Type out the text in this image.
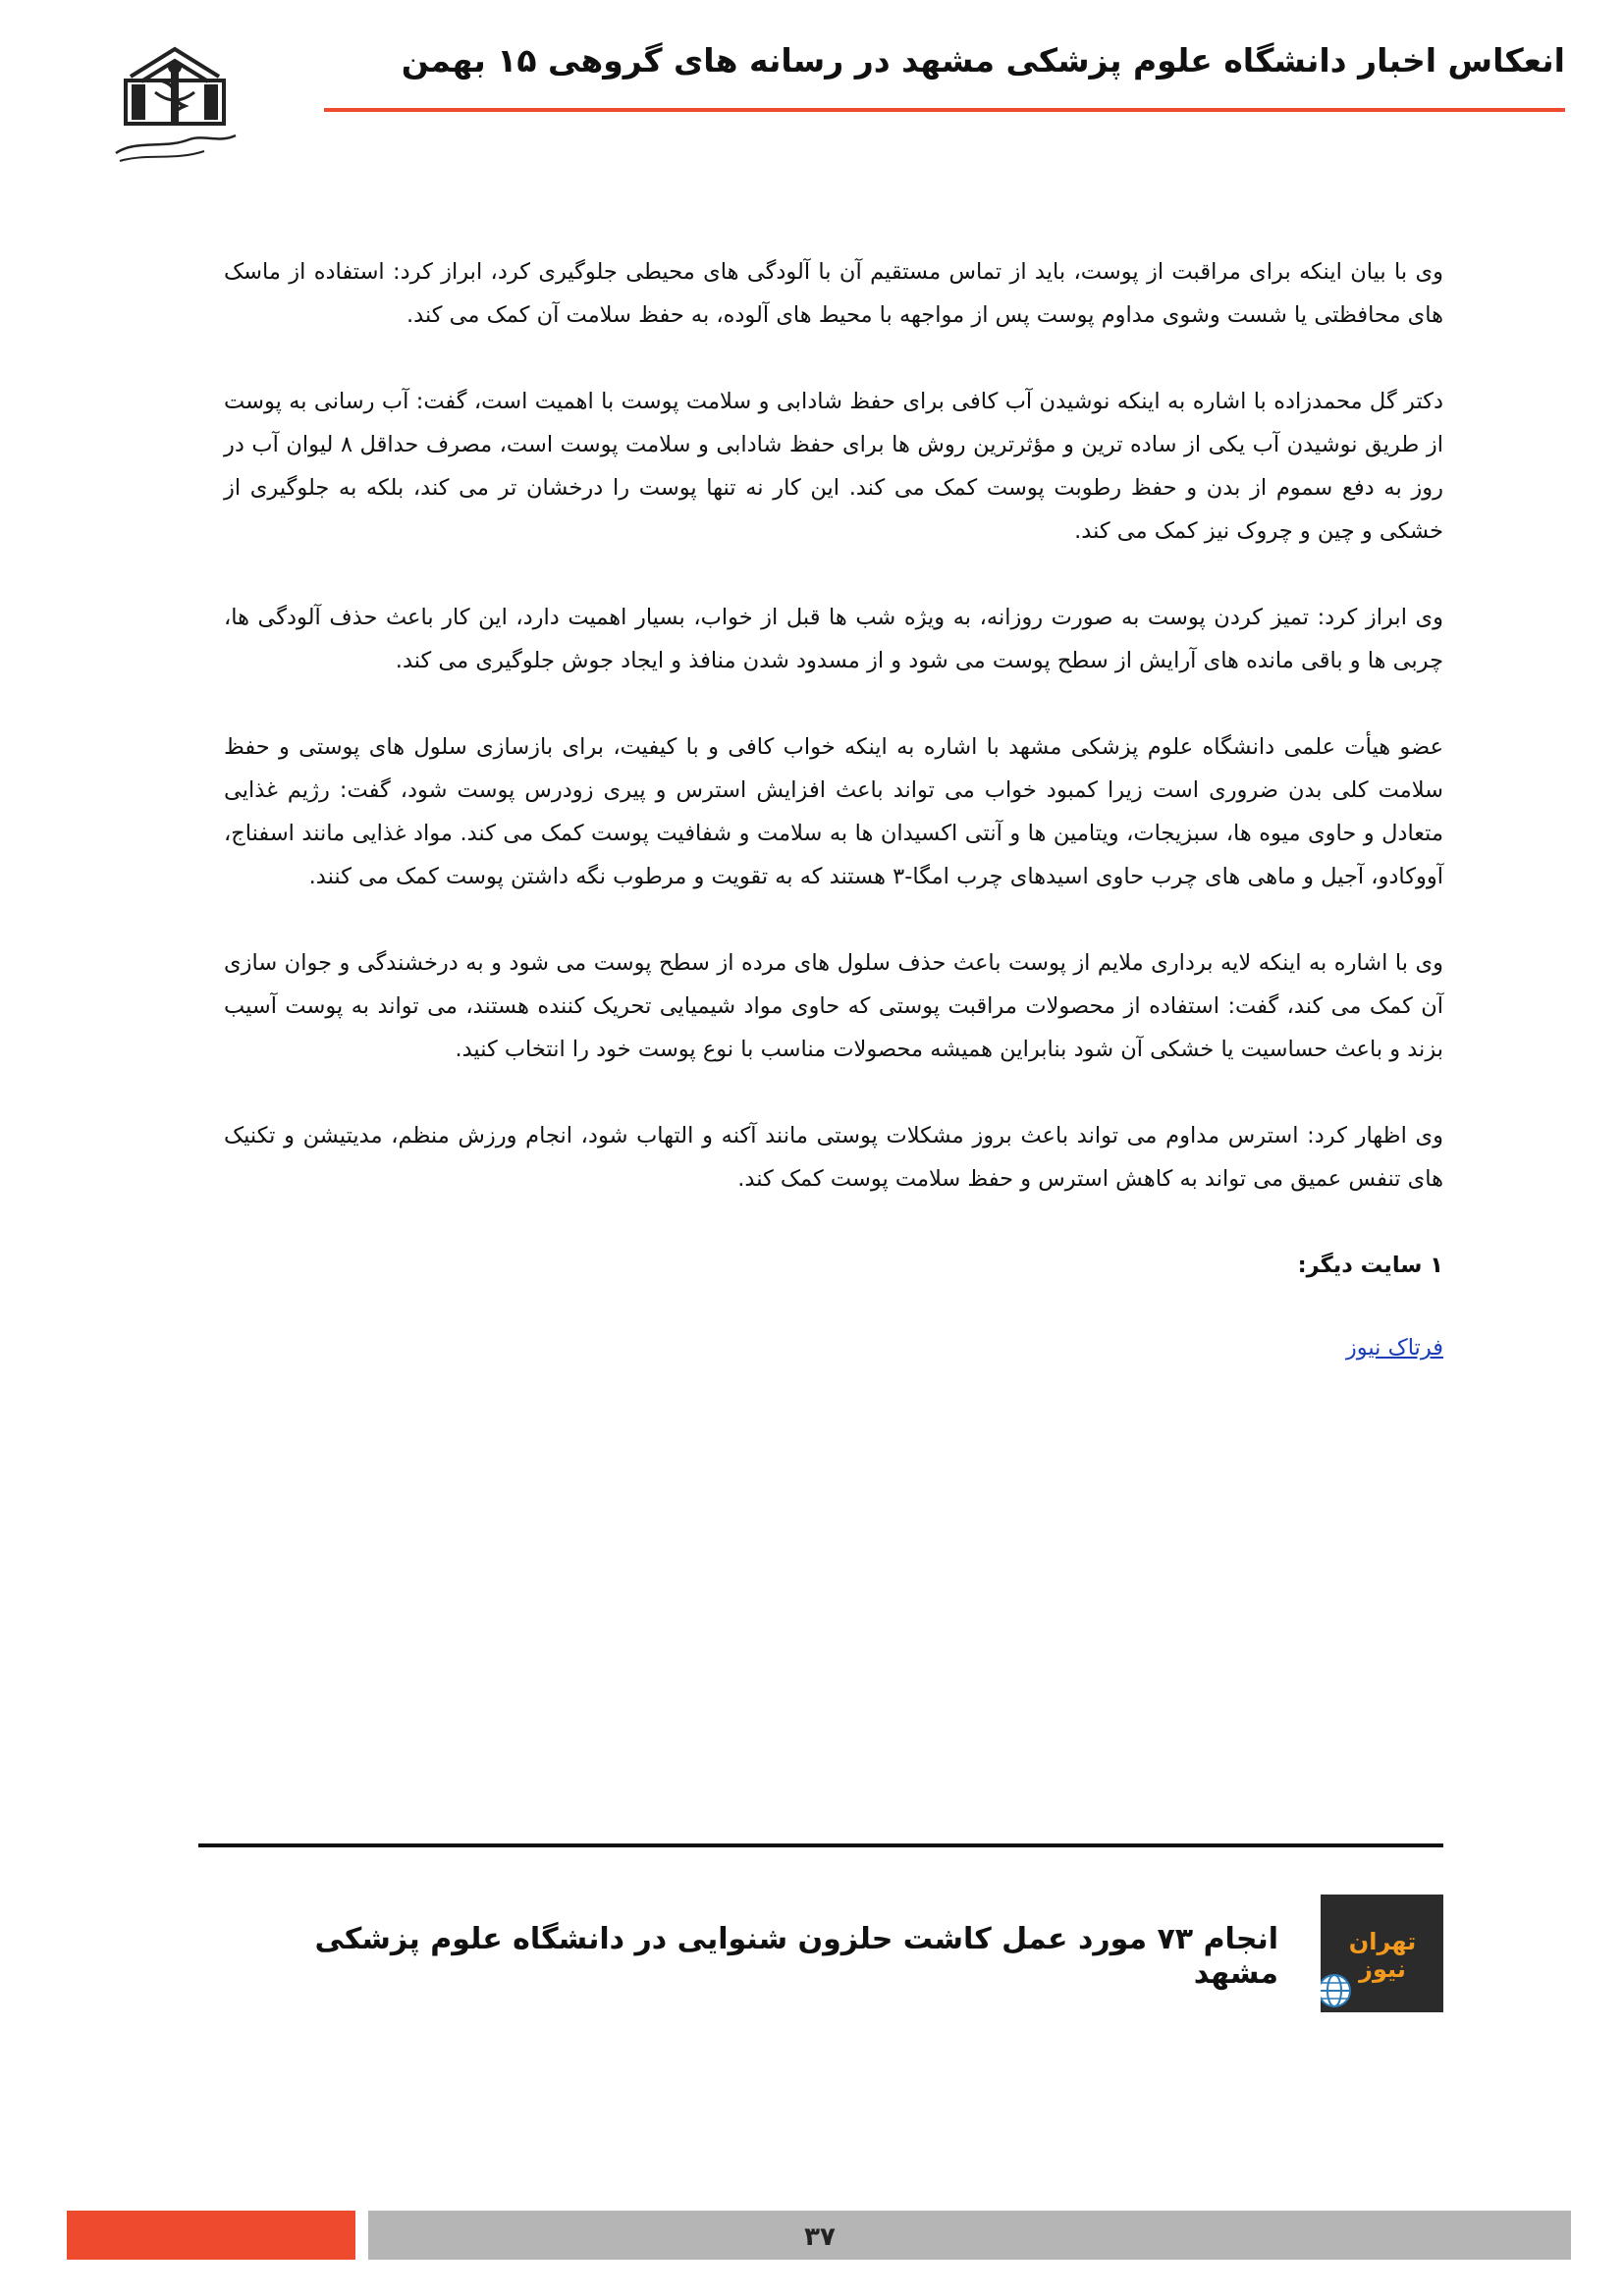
انعکاس اخبار دانشگاه علوم پزشکی مشهد در رسانه های گروهی ۱۵ بهمن

وی با بیان اینکه برای مراقبت از پوست، باید از تماس مستقیم آن با آلودگی های محیطی جلوگیری کرد، ابراز کرد: استفاده از ماسک های محافظتی یا شست وشوی مداوم پوست پس از مواجهه با محیط های آلوده، به حفظ سلامت آن کمک می کند.

دکتر گل محمدزاده با اشاره به اینکه نوشیدن آب کافی برای حفظ شادابی و سلامت پوست با اهمیت است، گفت: آب رسانی به پوست از طریق نوشیدن آب یکی از ساده ترین و مؤثرترین روش ها برای حفظ شادابی و سلامت پوست است، مصرف حداقل ۸ لیوان آب در روز به دفع سموم از بدن و حفظ رطوبت پوست کمک می کند. این کار نه تنها پوست را درخشان تر می کند، بلکه به جلوگیری از خشکی و چین و چروک نیز کمک می کند.

وی ابراز کرد: تمیز کردن پوست به صورت روزانه، به ویژه شب ها قبل از خواب، بسیار اهمیت دارد، این کار باعث حذف آلودگی ها، چربی ها و باقی مانده های آرایش از سطح پوست می شود و از مسدود شدن منافذ و ایجاد جوش جلوگیری می کند.

عضو هیأت علمی دانشگاه علوم پزشکی مشهد با اشاره به اینکه خواب کافی و با کیفیت، برای بازسازی سلول های پوستی و حفظ سلامت کلی بدن ضروری است زیرا کمبود خواب می تواند باعث افزایش استرس و پیری زودرس پوست شود، گفت: رژیم غذایی متعادل و حاوی میوه ها، سبزیجات، ویتامین ها و آنتی اکسیدان ها به سلامت و شفافیت پوست کمک می کند. مواد غذایی مانند اسفناج، آووکادو، آجیل و ماهی های چرب حاوی اسیدهای چرب امگا-۳ هستند که به تقویت و مرطوب نگه داشتن پوست کمک می کنند.

وی با اشاره به اینکه لایه برداری ملایم از پوست باعث حذف سلول های مرده از سطح پوست می شود و به درخشندگی و جوان سازی آن کمک می کند، گفت: استفاده از محصولات مراقبت پوستی که حاوی مواد شیمیایی تحریک کننده هستند، می تواند به پوست آسیب بزند و باعث حساسیت یا خشکی آن شود بنابراین همیشه محصولات مناسب با نوع پوست خود را انتخاب کنید.

وی اظهار کرد: استرس مداوم می تواند باعث بروز مشکلات پوستی مانند آکنه و التهاب شود، انجام ورزش منظم، مدیتیشن و تکنیک های تنفس عمیق می تواند به کاهش استرس و حفظ سلامت پوست کمک کند.

۱ سایت دیگر:

فرتاک نیوز

تهران نیوز
انجام ۷۳ مورد عمل کاشت حلزون شنوایی در دانشگاه علوم پزشکی مشهد
۳۷
